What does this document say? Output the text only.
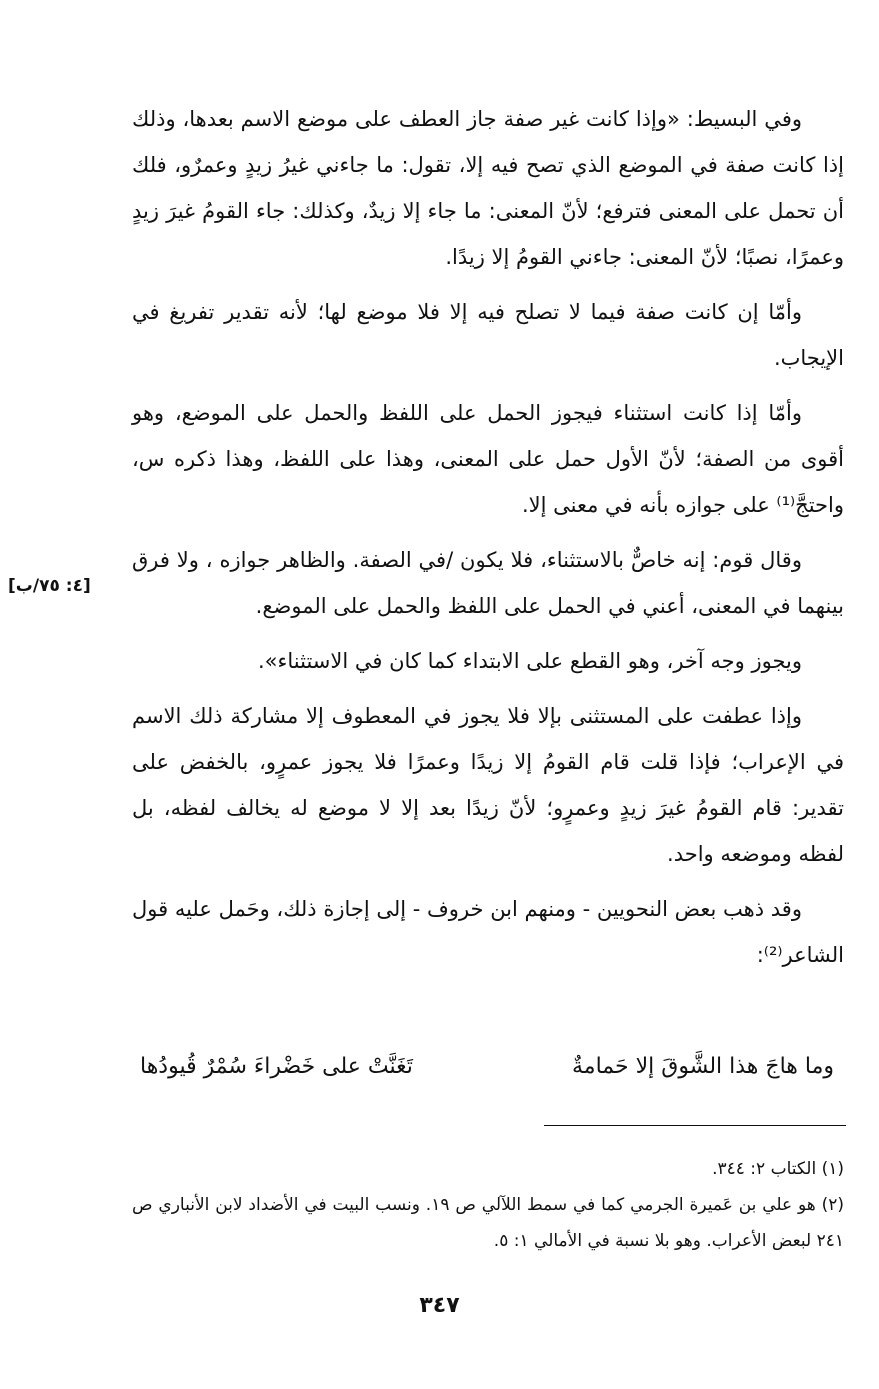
وفي البسيط: «وإذا كانت غير صفة جاز العطف على موضع الاسم بعدها، وذلك إذا كانت صفة في الموضع الذي تصح فيه إلا، تقول: ما جاءني غيرُ زيدٍ وعمرٌو، فلك أن تحمل على المعنى فترفع؛ لأنّ المعنى: ما جاء إلا زيدٌ، وكذلك: جاء القومُ غيرَ زيدٍ وعمرًا، نصبًا؛ لأنّ المعنى: جاءني القومُ إلا زيدًا.

وأمّا إن كانت صفة فيما لا تصلح فيه إلا فلا موضع لها؛ لأنه تقدير تفريغ في الإيجاب.

وأمّا إذا كانت استثناء فيجوز الحمل على اللفظ والحمل على الموضع، وهو أقوى من الصفة؛ لأنّ الأول حمل على المعنى، وهذا على اللفظ، وهذا ذكره س، واحتجَّ⁽¹⁾ على جوازه بأنه في معنى إلا.

وقال قوم: إنه خاصٌّ بالاستثناء، فلا يكون /في الصفة. والظاهر جوازه ، ولا فرق بينهما في المعنى، أعني في الحمل على اللفظ والحمل على الموضع.

ويجوز وجه آخر، وهو القطع على الابتداء كما كان في الاستثناء».

وإذا عطفت على المستثنى بإلا فلا يجوز في المعطوف إلا مشاركة ذلك الاسم في الإعراب؛ فإذا قلت قام القومُ إلا زيدًا وعمرًا فلا يجوز عمرٍو، بالخفض على تقدير: قام القومُ غيرَ زيدٍ وعمرٍو؛ لأنّ زيدًا بعد إلا لا موضع له يخالف لفظه، بل لفظه وموضعه واحد.

وقد ذهب بعض النحويين - ومنهم ابن خروف - إلى إجازة ذلك، وحَمل عليه قول الشاعر⁽²⁾:

[٤: ٧٥/ب]
وما هاجَ هذا الشَّوقَ إلا حَمامةٌ
تَغَنَّتْ على خَضْراءَ سُمْرٌ قُيودُها

(١) الكتاب ٢: ٣٤٤.

(٢) هو علي بن عَميرة الجرمي كما في سمط اللآلي ص ١٩. ونسب البيت في الأضداد لابن الأنباري ص ٢٤١ لبعض الأعراب. وهو بلا نسبة في الأمالي ١: ٥.

٣٤٧
